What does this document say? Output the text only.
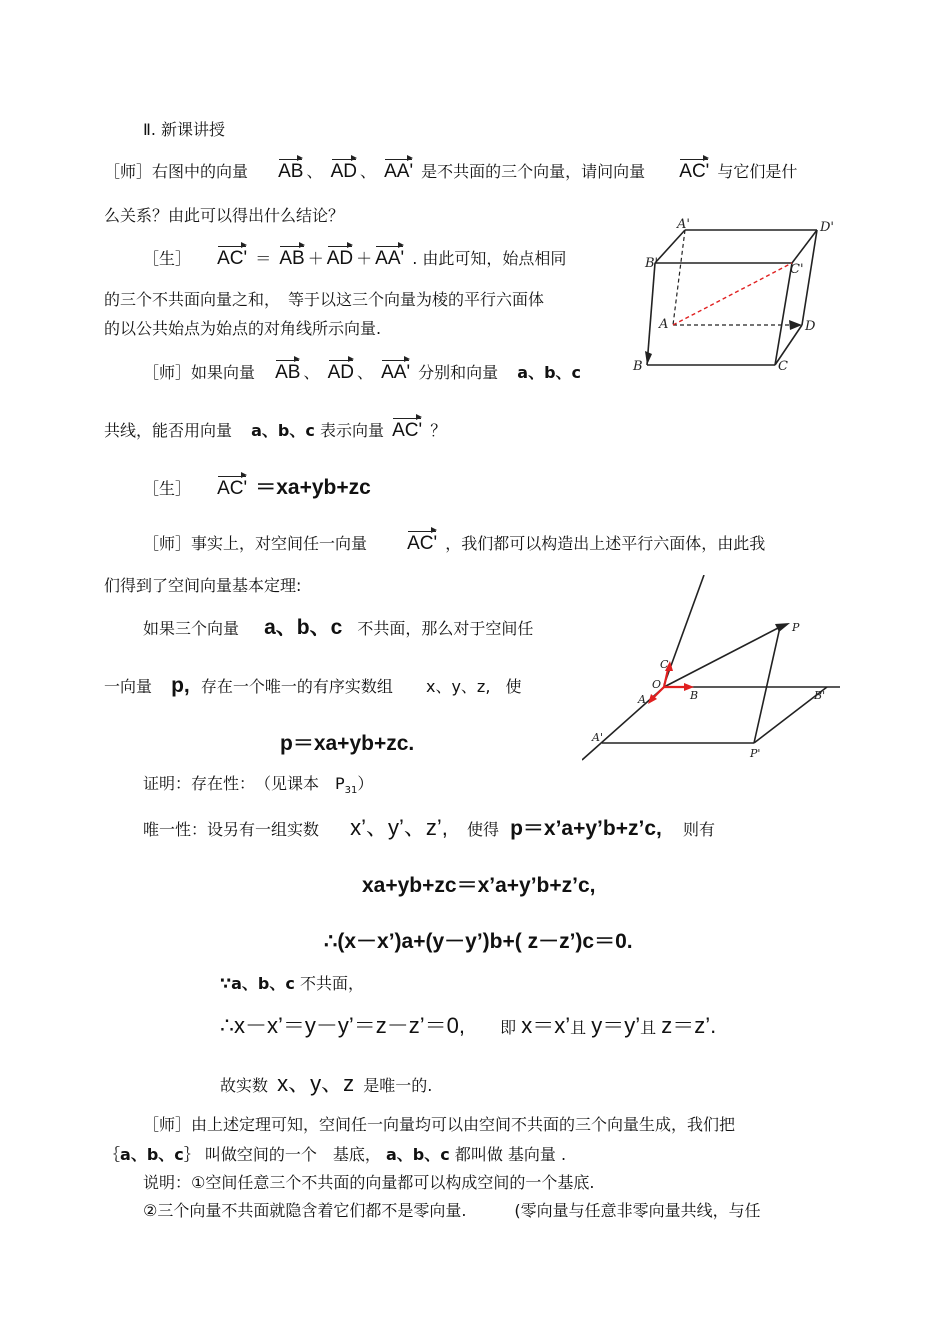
Ⅱ. 新课讲授
［师］右图中的向量 AB 、 AD 、 AA' 是不共面的三个向量，请问向量 AC' 与它们是什
么关系？由此可以得出什么结论？
［生］ AC' ＝ AB ＋ AD ＋ AA' . 由此可知，始点相同
的三个不共面向量之和，　等于以这三个向量为棱的平行六面体
的以公共始点为始点的对角线所示向量.
［师］如果向量 AB 、 AD 、 AA' 分别和向量 a、b、c
共线，能否用向量 a、b、c 表示向量 AC' ？
［生］ AC' ＝xa+yb+zc
［师］事实上，对空间任一向量 AC' ，我们都可以构造出上述平行六面体，由此我
们得到了空间向量基本定理:
如果三个向量 a、b、c 不共面，那么对于空间任
一向量 p, 存在一个唯一的有序实数组 x、y、z, 使
p＝xa+yb+zc.
证明：存在性：　（见课本　$P_{31}$）
唯一性：设另有一组实数 x’、y’、z’, 使得 p＝x’a+y’b+z’c, 则有
xa+yb+zc＝x’a+y’b+z’c,
∴(x－x’)a+(y－y’)b+( z－z’)c＝0.
∵a、b、c 不共面，
∴x－x’＝y－y’＝z－z’＝0, 即 x＝x’且 y＝y’且 z＝z’.
故实数 x、y、z 是唯一的.
［师］由上述定理可知，空间任一向量均可以由空间不共面的三个向量生成，我们把
｛a、b、c｝ 叫做空间的一个　基底， a、b、c 都叫做 基向量 .
说明：①空间任意三个不共面的向量都可以构成空间的一个基底.
②三个向量不共面就隐含着它们都不是零向量.　　　(零向量与任意非零向量共线，与任
A'	D'
B'	C'
A	D
B	C
P
C
O
A	B	B'
A'
P'
